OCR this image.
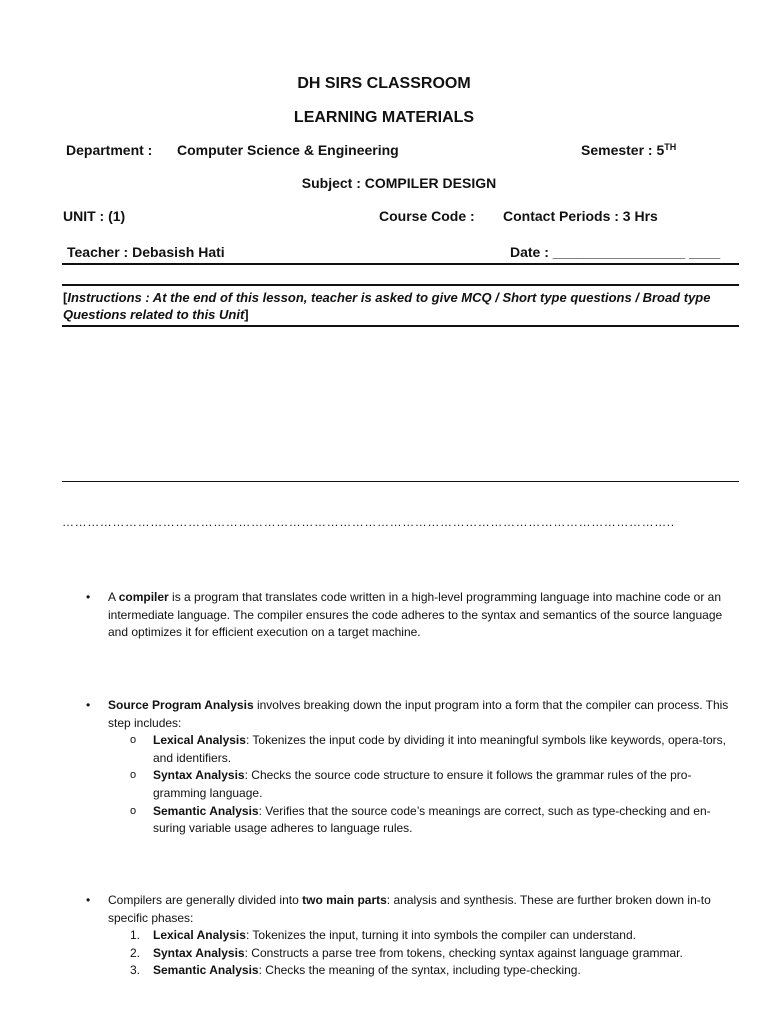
DH SIRS CLASSROOM
LEARNING MATERIALS
Department : Computer Science & Engineering	Semester : 5TH
Subject : COMPILER DESIGN
UNIT : (1)	Course Code : Contact Periods : 3 Hrs
Teacher : Debasish Hati	Date : _________________ ____
[Instructions : At the end of this lesson, teacher is asked to give MCQ / Short type questions / Broad type Questions related to this Unit]
………………………………………………………………………………………………………………………………..
• A compiler is a program that translates code written in a high-level programming language into machine code or an intermediate language. The compiler ensures the code adheres to the syntax and semantics of the source language and optimizes it for efficient execution on a target machine.
• Source Program Analysis involves breaking down the input program into a form that the compiler can process. This step includes:
o Lexical Analysis: Tokenizes the input code by dividing it into meaningful symbols like keywords, opera-tors, and identifiers.
o Syntax Analysis: Checks the source code structure to ensure it follows the grammar rules of the pro-gramming language.
o Semantic Analysis: Verifies that the source code’s meanings are correct, such as type-checking and en-suring variable usage adheres to language rules.
• Compilers are generally divided into two main parts: analysis and synthesis. These are further broken down in-to specific phases:
1. Lexical Analysis: Tokenizes the input, turning it into symbols the compiler can understand.
2. Syntax Analysis: Constructs a parse tree from tokens, checking syntax against language grammar.
3. Semantic Analysis: Checks the meaning of the syntax, including type-checking.
